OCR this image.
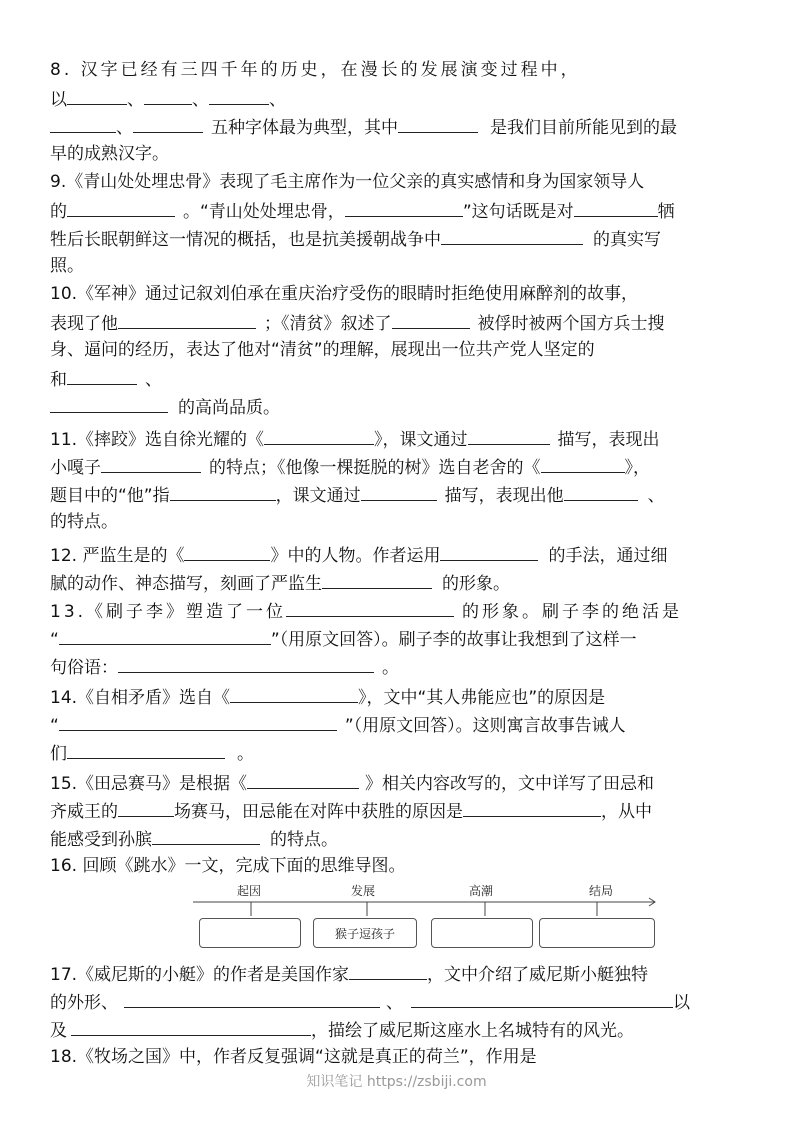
8. 汉字已经有三四千年的历史，在漫长的发展演变过程中，
以	、	、	、
、	五种字体最为典型，其中	是我们目前所能见到的最
早的成熟汉字。
9.《青山处处埋忠骨》表现了毛主席作为一位父亲的真实感情和身为国家领导人
的	。“青山处处埋忠骨，	”这句话既是对	牺
牲后长眠朝鲜这一情况的概括，也是抗美援朝战争中	的真实写
照。
10.《军神》通过记叙刘伯承在重庆治疗受伤的眼睛时拒绝使用麻醉剂的故事，
表现了他	；《清贫》叙述了	被俘时被两个国方兵士搜
身、逼问的经历，表达了他对“清贫”的理解，展现出一位共产党人坚定的
和	、
的高尚品质。
11.《摔跤》选自徐光耀的《	》，课文通过	描写，表现出
小嘎子	的特点；《他像一棵挺脱的树》选自老舍的《	》，
题目中的“他”指	，课文通过	描写，表现出他	、
的特点。
12. 严监生是的《	》中的人物。作者运用	的手法，通过细
腻的动作、神态描写，刻画了严监生	的形象。
13.《刷子李》塑造了一位	的形象。刷子李的绝活是
“	”（用原文回答）。刷子李的故事让我想到了这样一
句俗语：	。
14.《自相矛盾》选自《	》，文中“其人弗能应也”的原因是
“	”（用原文回答）。这则寓言故事告诫人
们	。
15.《田忌赛马》是根据《	》相关内容改写的，文中详写了田忌和
齐威王的	场赛马，田忌能在对阵中获胜的原因是	，从中
能感受到孙膑	的特点。
16. 回顾《跳水》一文，完成下面的思维导图。
起因	发展	高潮	结局
猴子逗孩子
17.《威尼斯的小艇》的作者是美国作家	，文中介绍了威尼斯小艇独特
的外形、	、	以
及	，描绘了威尼斯这座水上名城特有的风光。
18.《牧场之国》中，作者反复强调“这就是真正的荷兰”，作用是
知识笔记 https://zsbiji.com
